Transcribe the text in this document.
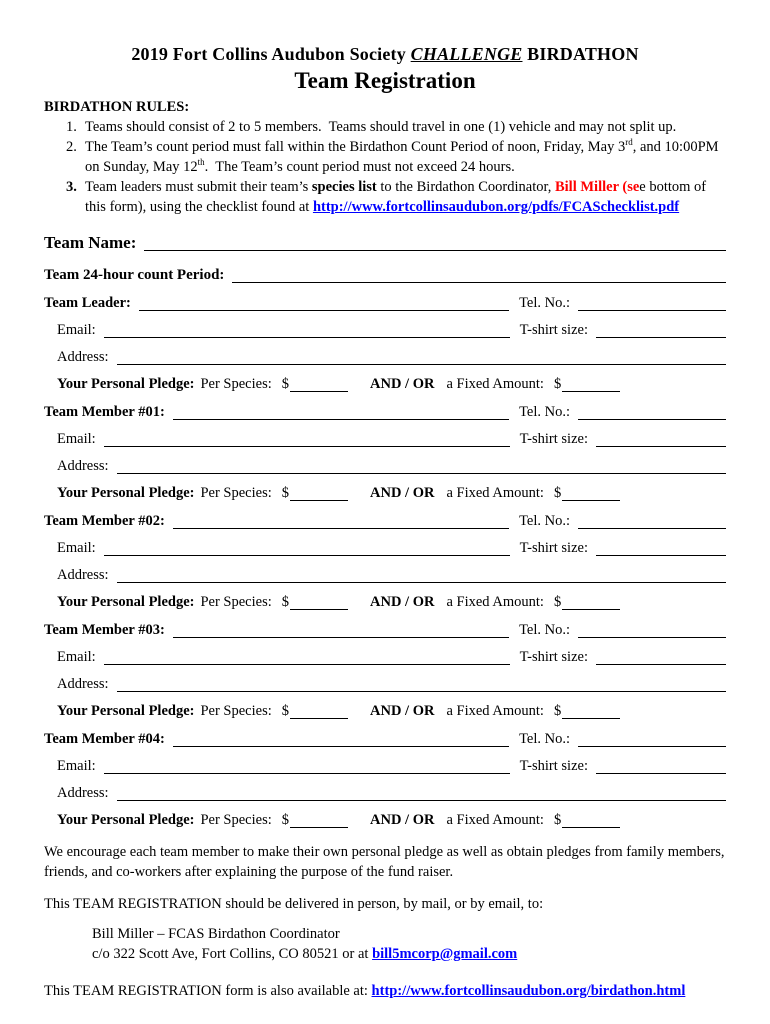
2019 Fort Collins Audubon Society CHALLENGE BIRDATHON
Team Registration
BIRDATHON RULES:
1. Teams should consist of 2 to 5 members.  Teams should travel in one (1) vehicle and may not split up.
2. The Team’s count period must fall within the Birdathon Count Period of noon, Friday, May 3rd, and 10:00PM on Sunday, May 12th.  The Team’s count period must not exceed 24 hours.
3. Team leaders must submit their team’s species list to the Birdathon Coordinator, Bill Miller (see bottom of this form), using the checklist found at http://www.fortcollinsaudubon.org/pdfs/FCASchecklist.pdf
Team Name:
Team 24-hour count Period:
Team Leader:	Tel. No.:
Email:	T-shirt size:
Address:
Your Personal Pledge: Per Species: $	AND / OR a Fixed Amount: $
Team Member #01:	Tel. No.:
Email:	T-shirt size:
Address:
Your Personal Pledge: Per Species: $	AND / OR a Fixed Amount: $
Team Member #02:	Tel. No.:
Email:	T-shirt size:
Address:
Your Personal Pledge: Per Species: $	AND / OR a Fixed Amount: $
Team Member #03:	Tel. No.:
Email:	T-shirt size:
Address:
Your Personal Pledge: Per Species: $	AND / OR a Fixed Amount: $
Team Member #04:	Tel. No.:
Email:	T-shirt size:
Address:
Your Personal Pledge: Per Species: $	AND / OR a Fixed Amount: $
We encourage each team member to make their own personal pledge as well as obtain pledges from family members, friends, and co-workers after explaining the purpose of the fund raiser.
This TEAM REGISTRATION should be delivered in person, by mail, or by email, to:
Bill Miller – FCAS Birdathon Coordinator
c/o 322 Scott Ave, Fort Collins, CO 80521 or at bill5mcorp@gmail.com
This TEAM REGISTRATION form is also available at: http://www.fortcollinsaudubon.org/birdathon.html
